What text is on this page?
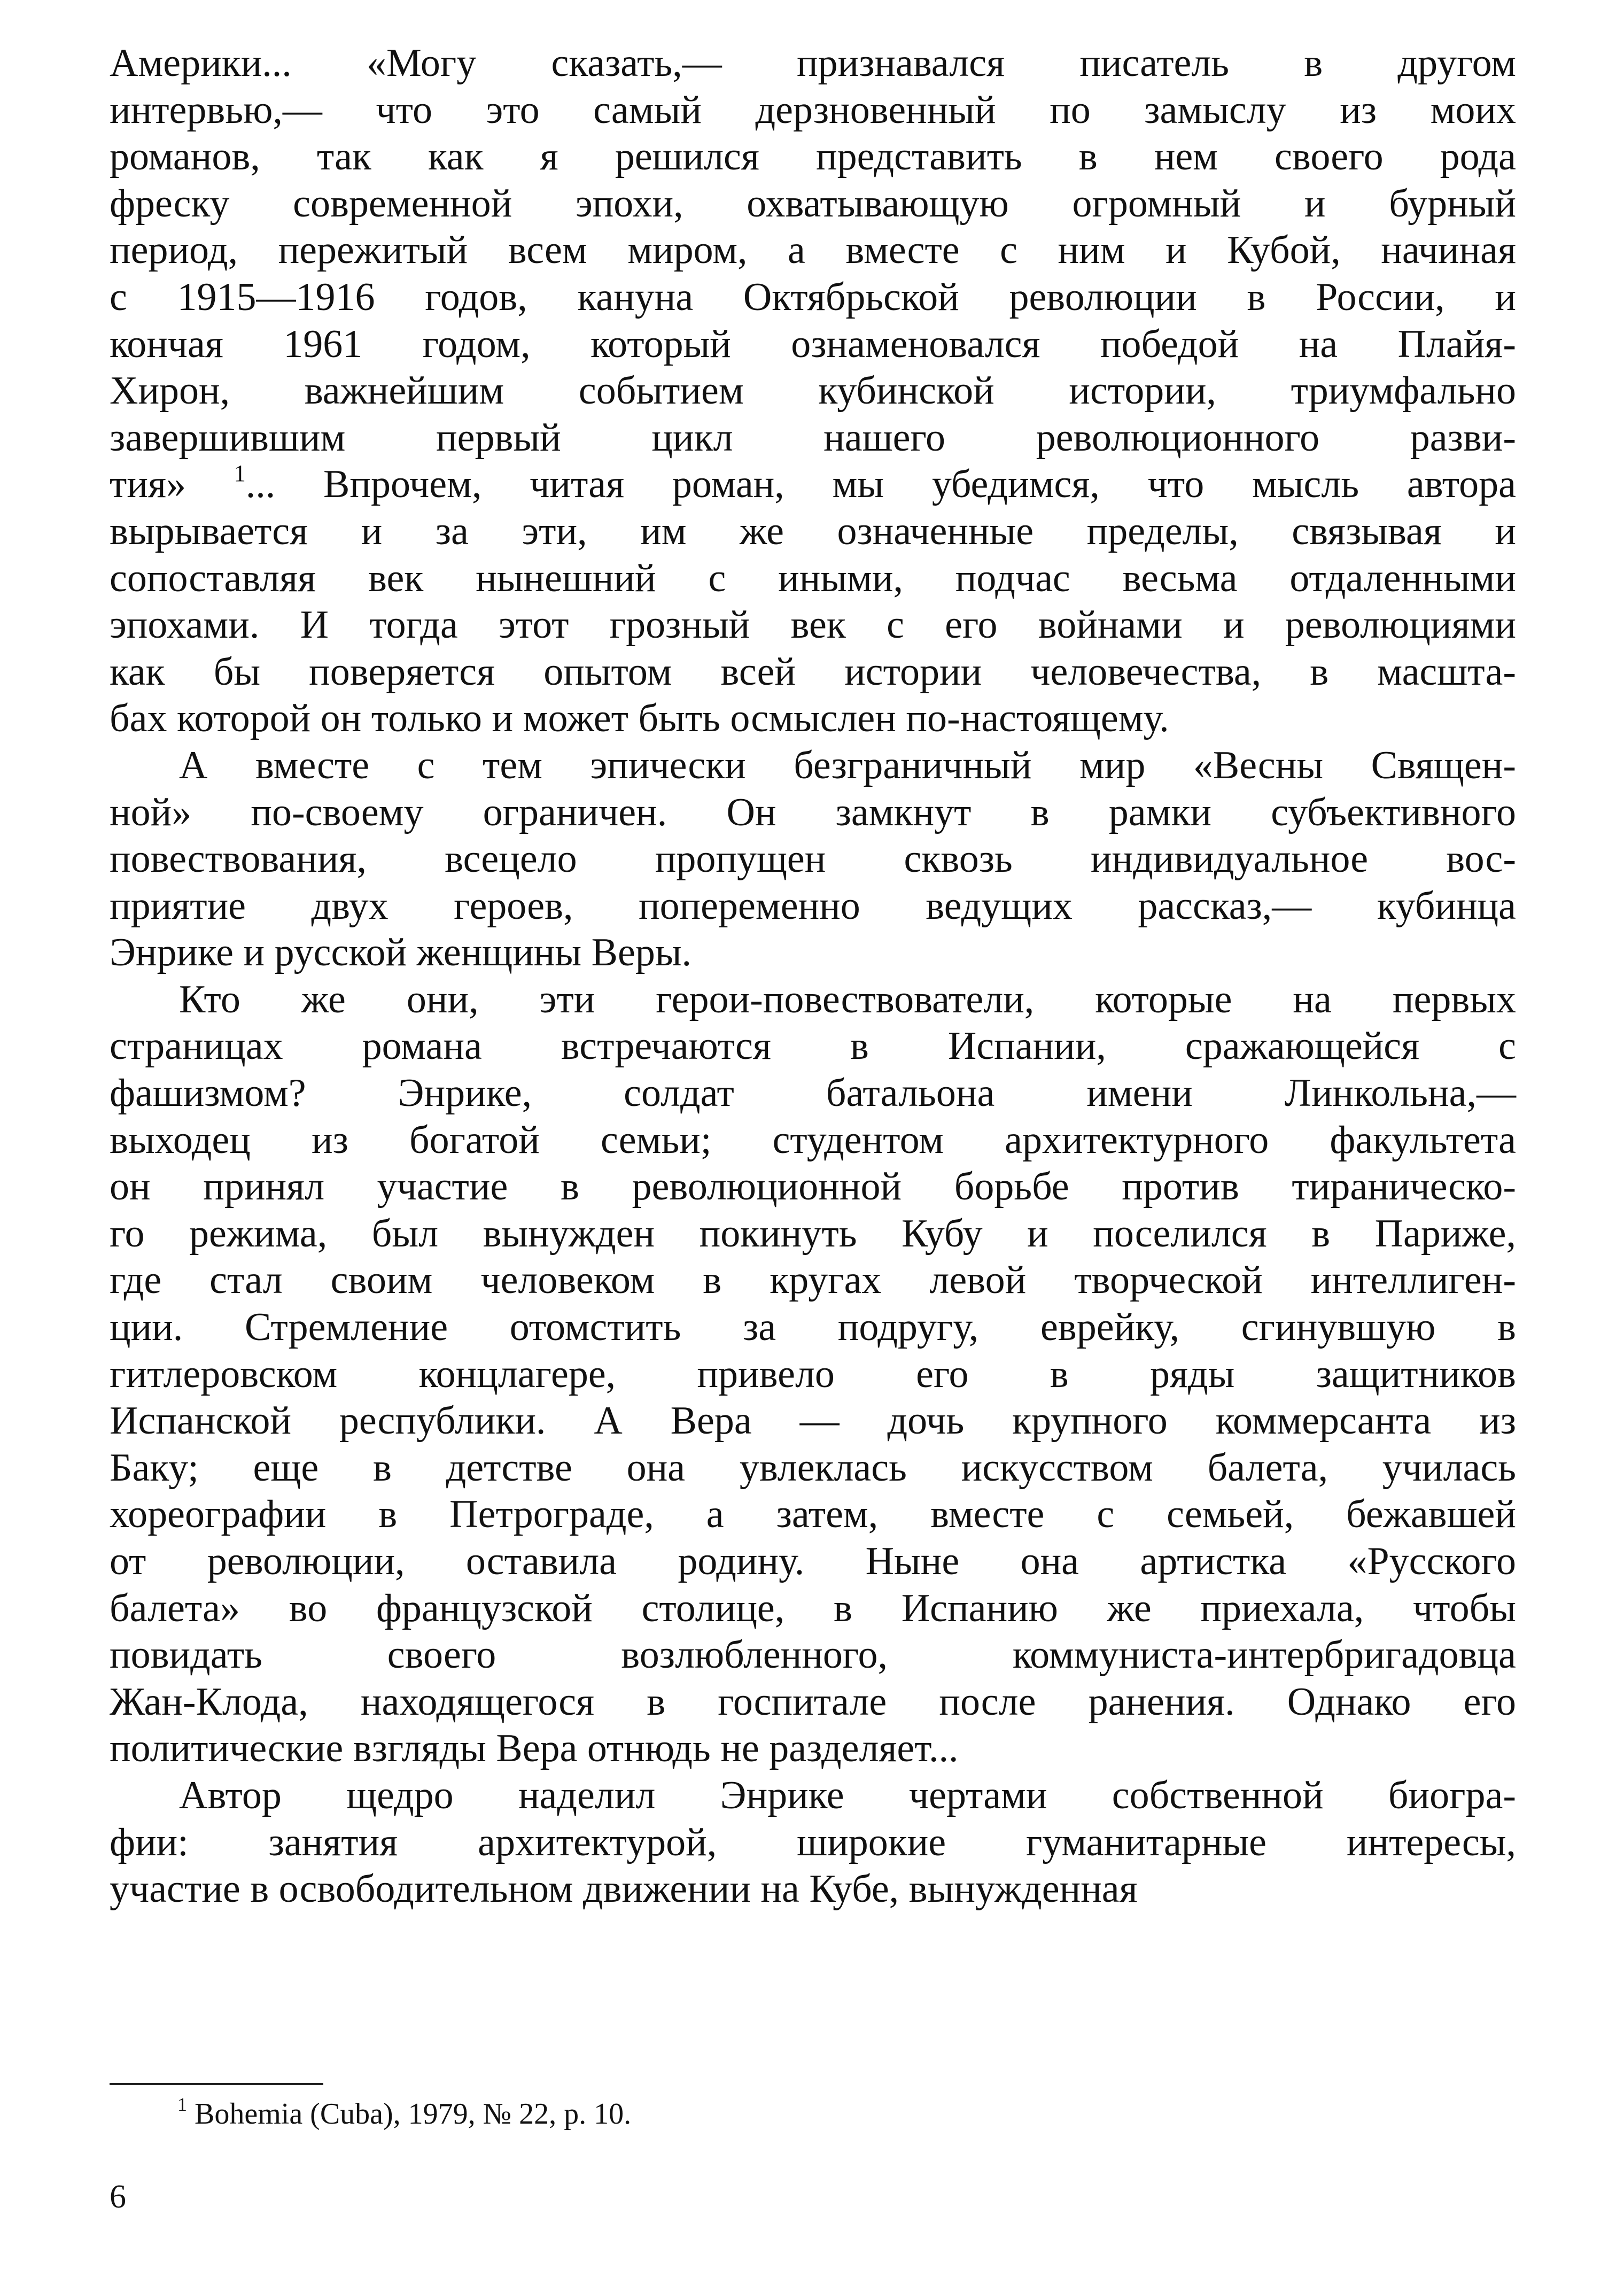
Америки... «Могу сказать,— признавался писатель в другом
интервью,— что это самый дерзновенный по замыслу из моих
романов, так как я решился представить в нем своего рода
фреску современной эпохи, охватывающую огромный и бурный
период, пережитый всем миром, а вместе с ним и Кубой, начиная
с 1915—1916 годов, кануна Октябрьской революции в России, и
кончая 1961 годом, который ознаменовался победой на Плайя-
Хирон, важнейшим событием кубинской истории, триумфально
завершившим первый цикл нашего революционного разви-
тия» $^1$... Впрочем, читая роман, мы убедимся, что мысль автора
вырывается и за эти, им же означенные пределы, связывая и
сопоставляя век нынешний с иными, подчас весьма отдаленными
эпохами. И тогда этот грозный век с его войнами и революциями
как бы поверяется опытом всей истории человечества, в масшта-
бах которой он только и может быть осмыслен по-настоящему.

А вместе с тем эпически безграничный мир «Весны Священ-
ной» по-своему ограничен. Он замкнут в рамки субъективного
повествования, всецело пропущен сквозь индивидуальное вос-
приятие двух героев, попеременно ведущих рассказ,— кубинца
Энрике и русской женщины Веры.

Кто же они, эти герои-повествователи, которые на первых
страницах романа встречаются в Испании, сражающейся с
фашизмом? Энрике, солдат батальона имени Линкольна,—
выходец из богатой семьи; студентом архитектурного факультета
он принял участие в революционной борьбе против тираническо-
го режима, был вынужден покинуть Кубу и поселился в Париже,
где стал своим человеком в кругах левой творческой интеллиген-
ции. Стремление отомстить за подругу, еврейку, сгинувшую в
гитлеровском концлагере, привело его в ряды защитников
Испанской республики. А Вера — дочь крупного коммерсанта из
Баку; еще в детстве она увлеклась искусством балета, училась
хореографии в Петрограде, а затем, вместе с семьей, бежавшей
от революции, оставила родину. Ныне она артистка «Русского
балета» во французской столице, в Испанию же приехала, чтобы
повидать своего возлюбленного, коммуниста-интербригадовца
Жан-Клода, находящегося в госпитале после ранения. Однако его
политические взгляды Вера отнюдь не разделяет...

Автор щедро наделил Энрике чертами собственной биогра-
фии: занятия архитектурой, широкие гуманитарные интересы,
участие в освободительном движении на Кубе, вынужденная

$^1$ Bohemia (Cuba), 1979, № 22, p. 10.
6
